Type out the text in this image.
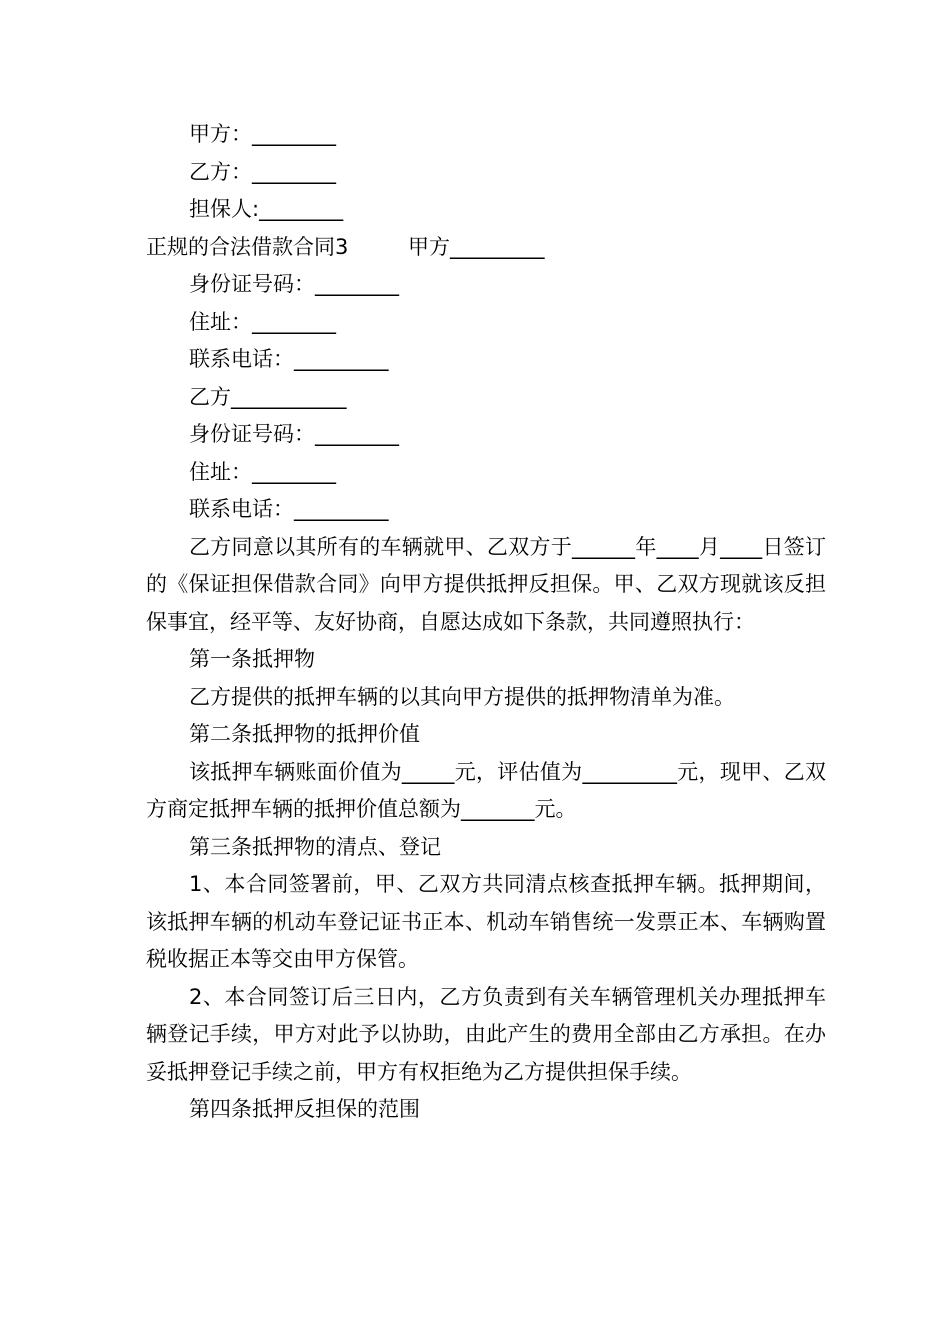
甲方：________
乙方：________
担保人:________
正规的合法借款合同3	甲方_________
身份证号码：________
住址：________
联系电话：_________
乙方___________
身份证号码：________
住址：________
联系电话：_________
乙方同意以其所有的车辆就甲、乙双方于______年____月____日签订的《保证担保借款合同》向甲方提供抵押反担保。甲、乙双方现就该反担保事宜，经平等、友好协商，自愿达成如下条款，共同遵照执行：
第一条抵押物
乙方提供的抵押车辆的以其向甲方提供的抵押物清单为准。
第二条抵押物的抵押价值
该抵押车辆账面价值为_____元，评估值为_________元，现甲、乙双方商定抵押车辆的抵押价值总额为_______元。
第三条抵押物的清点、登记
1、本合同签署前，甲、乙双方共同清点核查抵押车辆。抵押期间，该抵押车辆的机动车登记证书正本、机动车销售统一发票正本、车辆购置税收据正本等交由甲方保管。
2、本合同签订后三日内，乙方负责到有关车辆管理机关办理抵押车辆登记手续，甲方对此予以协助，由此产生的费用全部由乙方承担。在办妥抵押登记手续之前，甲方有权拒绝为乙方提供担保手续。
第四条抵押反担保的范围
